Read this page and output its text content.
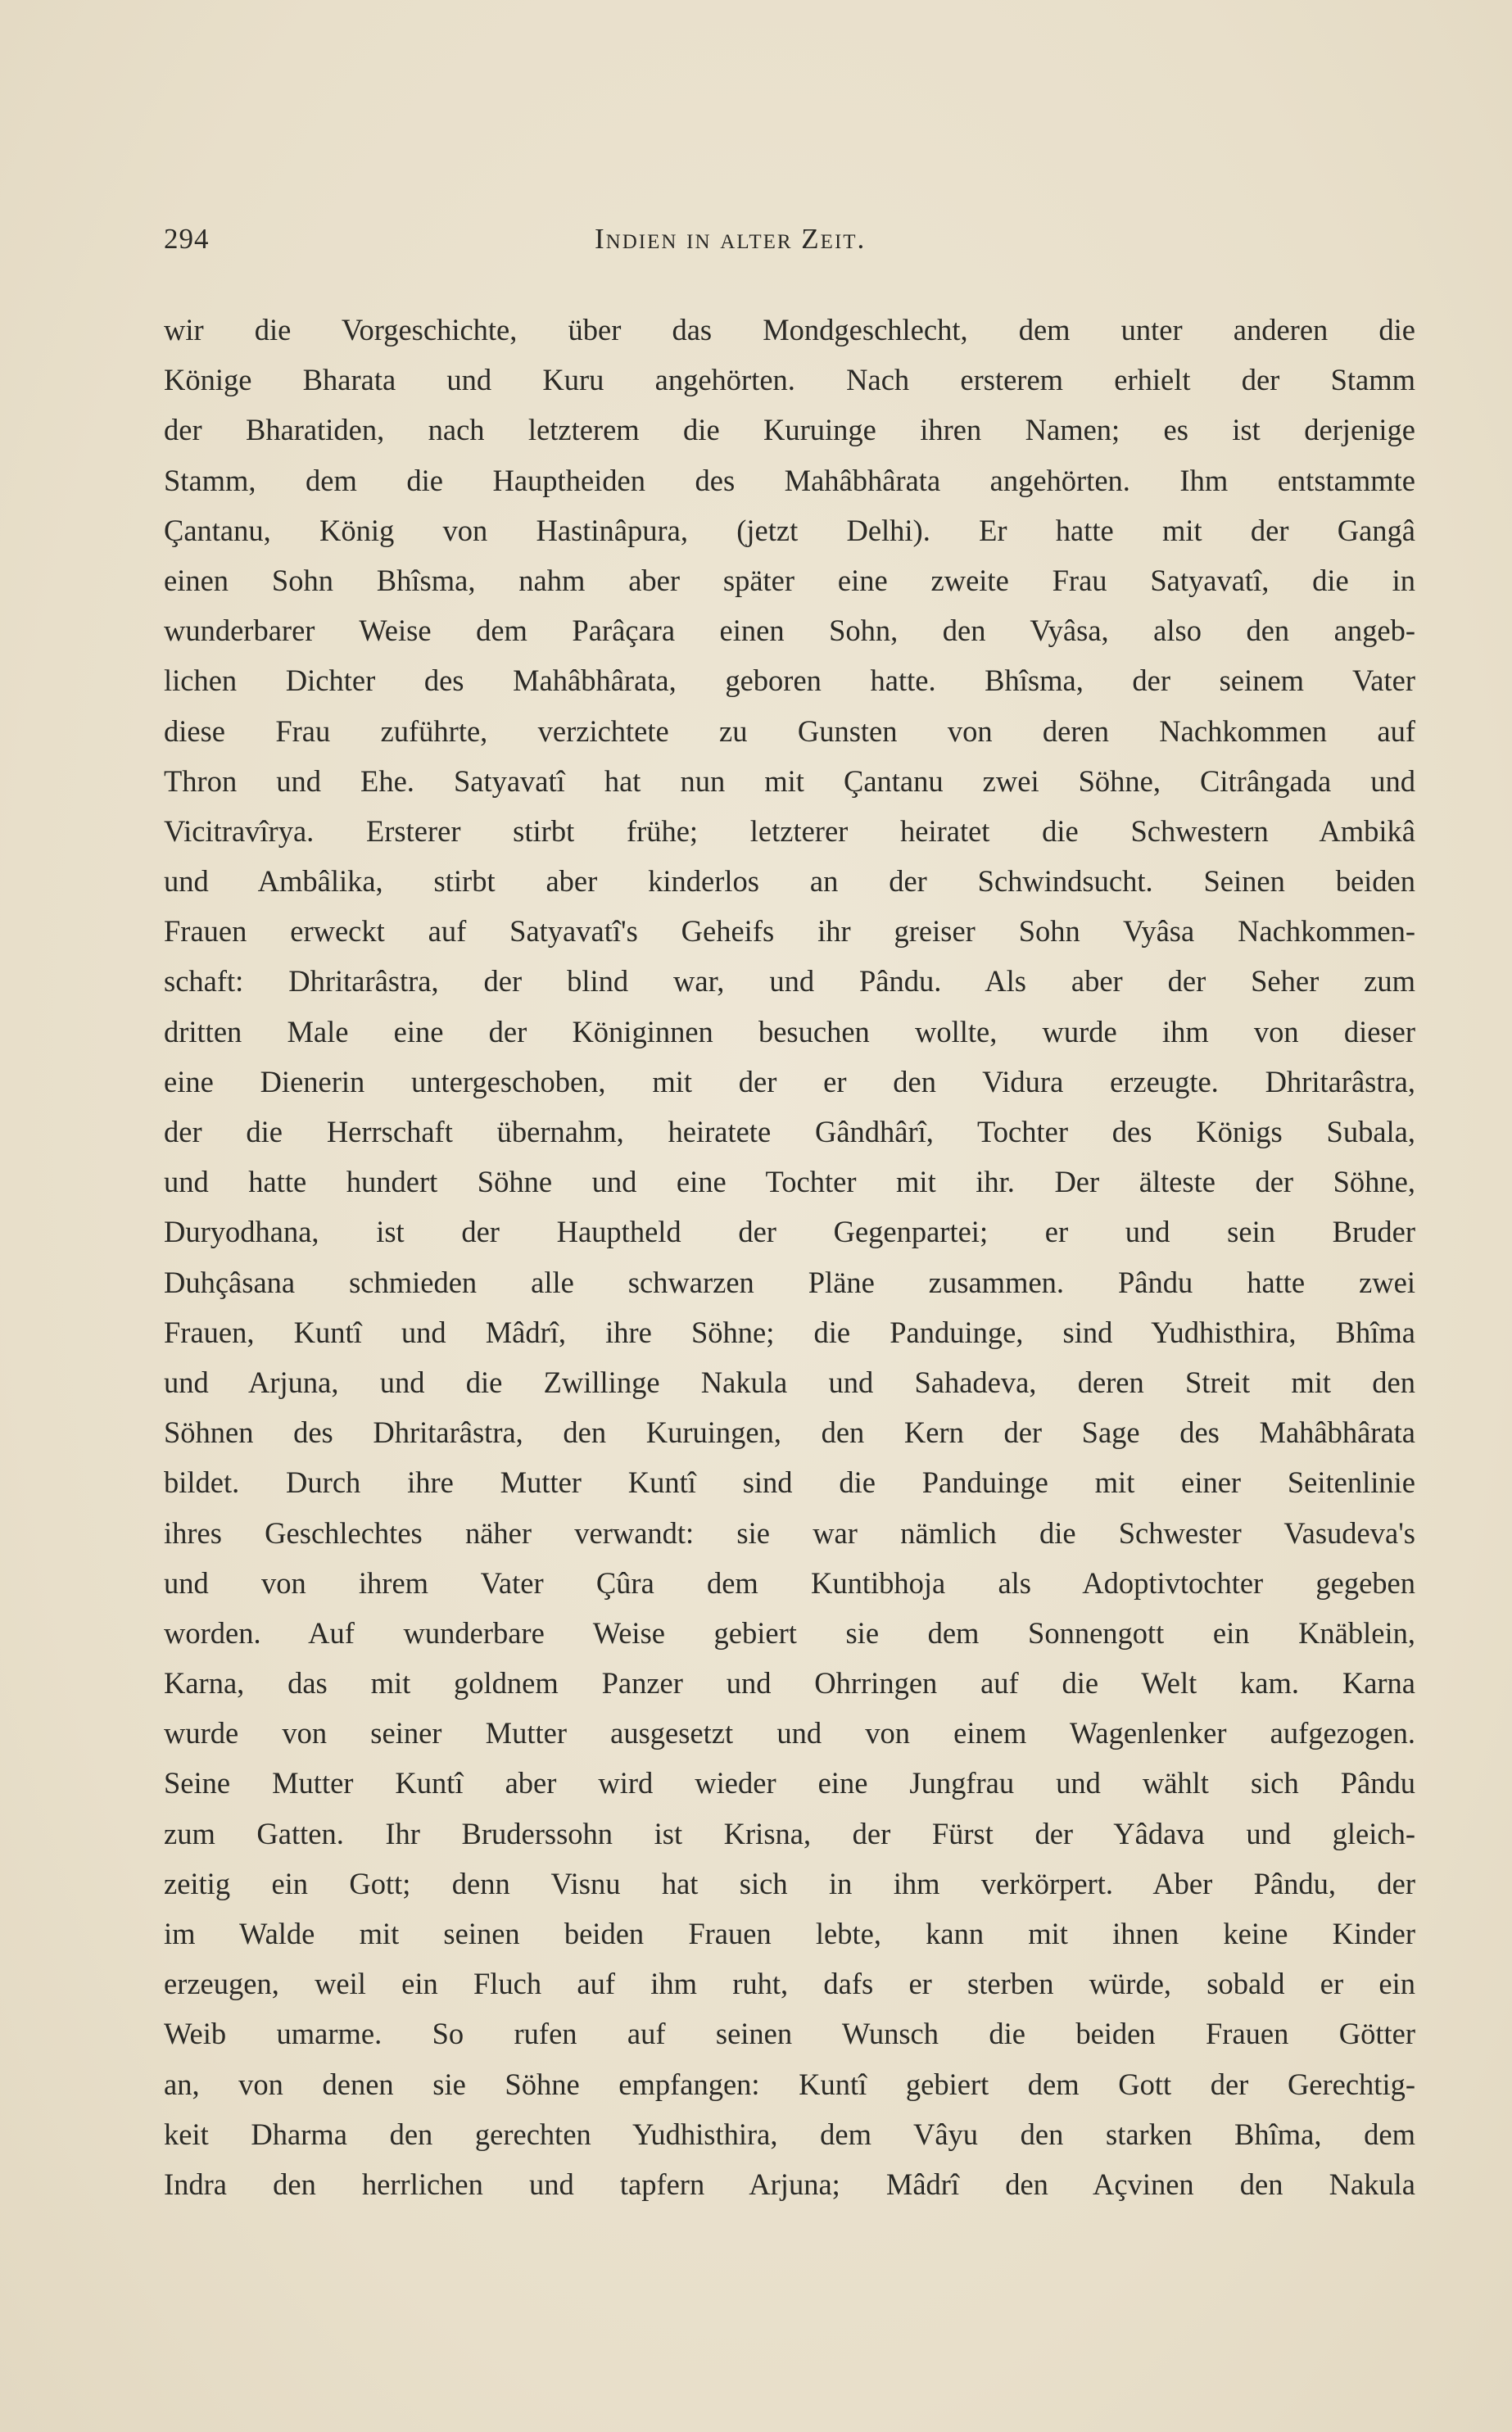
294	Indien in alter Zeit.
wir die Vorgeschichte, über das Mondgeschlecht, dem unter anderen die
Könige Bharata und Kuru angehörten. Nach ersterem erhielt der Stamm
der Bharatiden, nach letzterem die Kuruinge ihren Namen; es ist derjenige
Stamm, dem die Hauptheiden des Mahâbhârata angehörten. Ihm entstammte
Çantanu, König von Hastinâpura, (jetzt Delhi). Er hatte mit der Gangâ
einen Sohn Bhîsma, nahm aber später eine zweite Frau Satyavatî, die in
wunderbarer Weise dem Parâçara einen Sohn, den Vyâsa, also den angeb-
lichen Dichter des Mahâbhârata, geboren hatte. Bhîsma, der seinem Vater
diese Frau zuführte, verzichtete zu Gunsten von deren Nachkommen auf
Thron und Ehe. Satyavatî hat nun mit Çantanu zwei Söhne, Citrângada und
Vicitravîrya. Ersterer stirbt frühe; letzterer heiratet die Schwestern Ambikâ
und Ambâlika, stirbt aber kinderlos an der Schwindsucht. Seinen beiden
Frauen erweckt auf Satyavatî's Geheifs ihr greiser Sohn Vyâsa Nachkommen-
schaft: Dhritarâstra, der blind war, und Pându. Als aber der Seher zum
dritten Male eine der Königinnen besuchen wollte, wurde ihm von dieser
eine Dienerin untergeschoben, mit der er den Vidura erzeugte. Dhritarâstra,
der die Herrschaft übernahm, heiratete Gândhârî, Tochter des Königs Subala,
und hatte hundert Söhne und eine Tochter mit ihr. Der älteste der Söhne,
Duryodhana, ist der Hauptheld der Gegenpartei; er und sein Bruder
Duhçâsana schmieden alle schwarzen Pläne zusammen. Pându hatte zwei
Frauen, Kuntî und Mâdrî, ihre Söhne; die Panduinge, sind Yudhisthira, Bhîma
und Arjuna, und die Zwillinge Nakula und Sahadeva, deren Streit mit den
Söhnen des Dhritarâstra, den Kuruingen, den Kern der Sage des Mahâbhârata
bildet. Durch ihre Mutter Kuntî sind die Panduinge mit einer Seitenlinie
ihres Geschlechtes näher verwandt: sie war nämlich die Schwester Vasudeva's
und von ihrem Vater Çûra dem Kuntibhoja als Adoptivtochter gegeben
worden. Auf wunderbare Weise gebiert sie dem Sonnengott ein Knäblein,
Karna, das mit goldnem Panzer und Ohrringen auf die Welt kam. Karna
wurde von seiner Mutter ausgesetzt und von einem Wagenlenker aufgezogen.
Seine Mutter Kuntî aber wird wieder eine Jungfrau und wählt sich Pându
zum Gatten. Ihr Bruderssohn ist Krisna, der Fürst der Yâdava und gleich-
zeitig ein Gott; denn Visnu hat sich in ihm verkörpert. Aber Pându, der
im Walde mit seinen beiden Frauen lebte, kann mit ihnen keine Kinder
erzeugen, weil ein Fluch auf ihm ruht, dafs er sterben würde, sobald er ein
Weib umarme. So rufen auf seinen Wunsch die beiden Frauen Götter
an, von denen sie Söhne empfangen: Kuntî gebiert dem Gott der Gerechtig-
keit Dharma den gerechten Yudhisthira, dem Vâyu den starken Bhîma, dem
Indra den herrlichen und tapfern Arjuna; Mâdrî den Açvinen den Nakula
